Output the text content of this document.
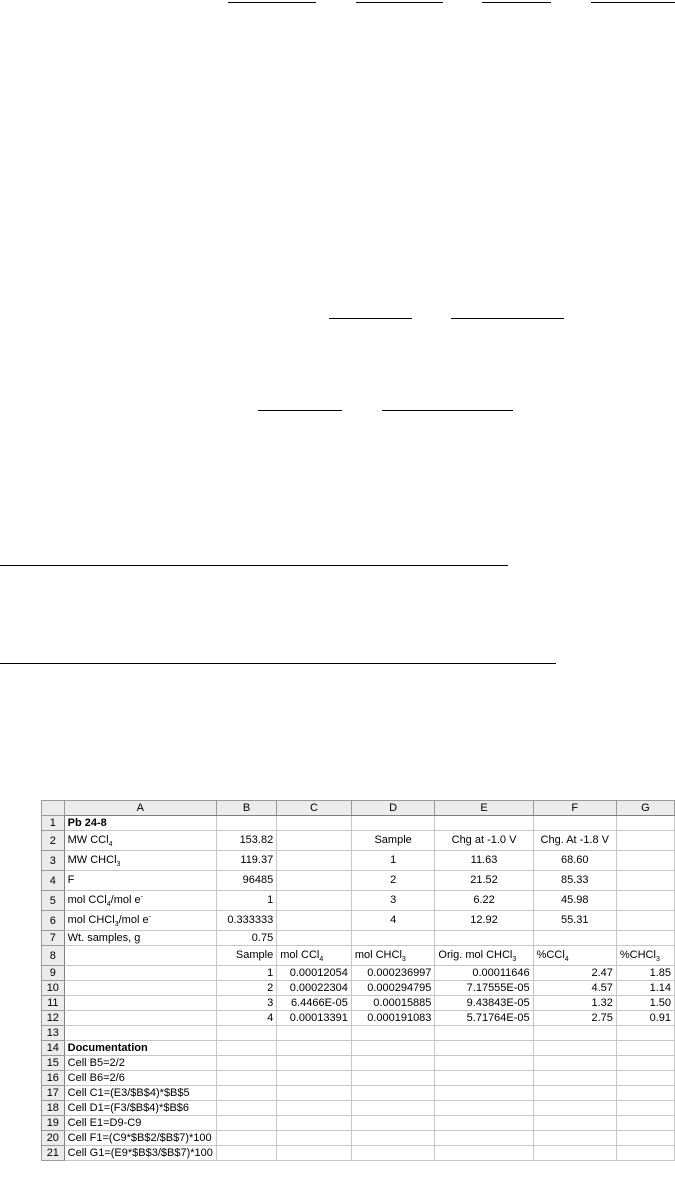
	A	B	C	D	E	F	G
1	Pb 24-8						
2	MW CCl$_4$	153.82		Sample	Chg at -1.0 V	Chg. At -1.8 V	
3	MW CHCl$_3$	119.37		1	11.63	68.60	
4	F	96485		2	21.52	85.33	
5	mol CCl$_4$/mol e-	1		3	6.22	45.98	
6	mol CHCl$_3$/mol e-	0.333333		4	12.92	55.31	
7	Wt. samples, g	0.75					
8		Sample	mol CCl$_4$	mol CHCl$_3$	Orig. mol CHCl$_3$	%CCl$_4$	%CHCl$_3$
9		1	0.00012054	0.000236997	0.00011646	2.47	1.85
10		2	0.00022304	0.000294795	7.17555E-05	4.57	1.14
11		3	6.4466E-05	0.00015885	9.43843E-05	1.32	1.50
12		4	0.00013391	0.000191083	5.71764E-05	2.75	0.91
13							
14	Documentation						
15	Cell B5=2/2						
16	Cell B6=2/6						
17	Cell C1=(E3/$B$4)*$B$5						
18	Cell D1=(F3/$B$4)*$B$6						
19	Cell E1=D9-C9						
20	Cell F1=(C9*$B$2/$B$7)*100						
21	Cell G1=(E9*$B$3/$B$7)*100						
